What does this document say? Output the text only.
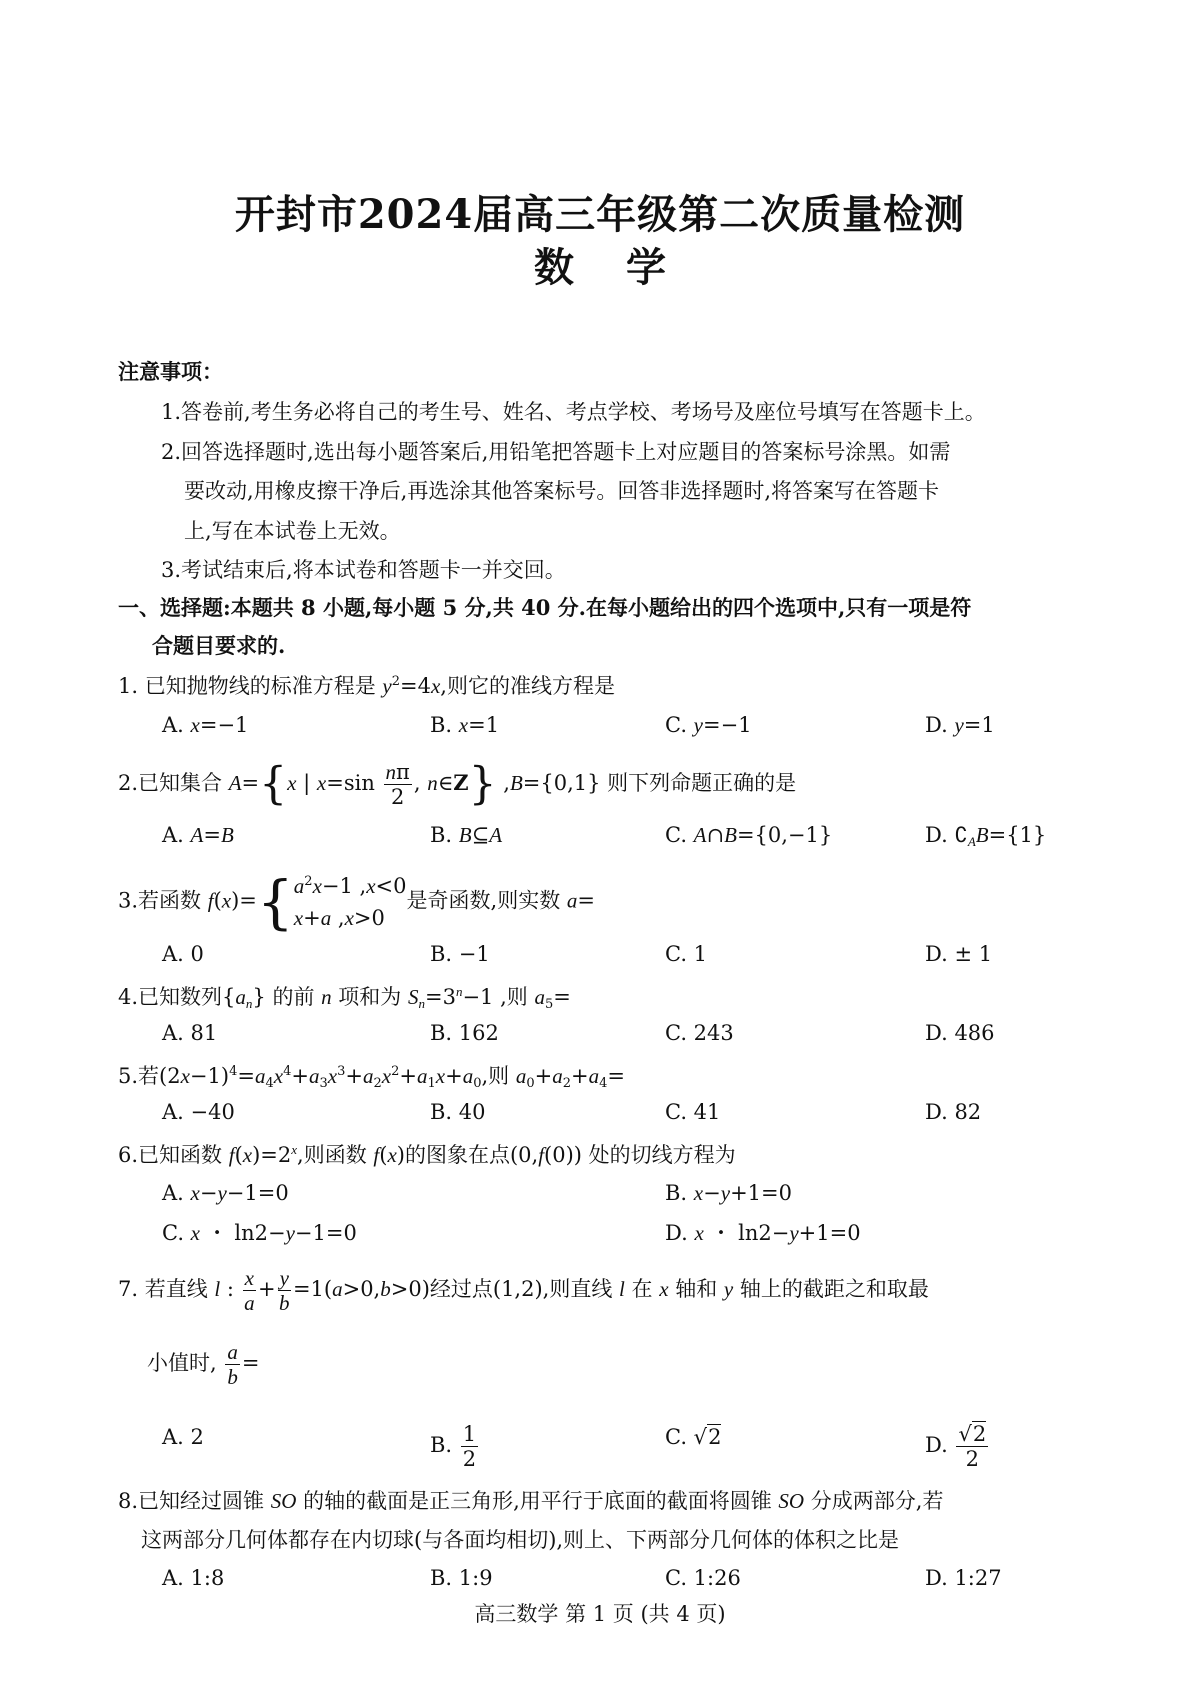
开封市2024届高三年级第二次质量检测
数 学
注意事项：
1.答卷前,考生务必将自己的考生号、姓名、考点学校、考场号及座位号填写在答题卡上。
2.回答选择题时,选出每小题答案后,用铅笔把答题卡上对应题目的答案标号涂黑。如需
要改动,用橡皮擦干净后,再选涂其他答案标号。回答非选择题时,将答案写在答题卡
上,写在本试卷上无效。
3.考试结束后,将本试卷和答题卡一并交回。
一、选择题:本题共 8 小题,每小题 5 分,共 40 分.在每小题给出的四个选项中,只有一项是符
合题目要求的.
1. 已知抛物线的标准方程是 $y^2=4x$,则它的准线方程是
A. x=−1	B. x=1	C. y=−1	D. y=1
2.已知集合 A={x | $x=\sin \frac{n\pi}{2}$ , n∈Z} ,B={0,1} 则下列命题正确的是
A. A=B	B. B⊆A	C. A∩B={0,−1}	D. $∁_AB=\{1\}$
3.若函数 f(x)={ $a^2x-1$ ,x<0
x+a ,x>0
是奇函数,则实数 a=
A. 0	B. −1	C. 1	D. ± 1
4.已知数列$\{a_n\}$ 的前 n 项和为 $S_n=3^n-1$ ,则 $a_5=$
A. 81	B. 162	C. 243	D. 486
5.若$(2x-1)^4=a_4x^4+a_3x^3+a_2x^2+a_1x+a_0$,则 $a_0+a_2+a_4=$
A. −40	B. 40	C. 41	D. 82
6.已知函数 $f(x)=2^x$,则函数 f(x)的图象在点(0,f(0)) 处的切线方程为
A. x−y−1=0	B. x−y+1=0
C. x ・ ln2−y−1=0	D. x ・ ln2−y+1=0
7. 若直线 l : $\frac{x}{a} + \frac{y}{b} =1(a>0,b>0)$经过点(1,2),则直线 l 在 x 轴和 y 轴上的截距之和取最
小值时, $\frac{a}{b}$ =
A. 2	B. $\frac{1}{2}$	C. √2	D. $\frac{√2}{2}$
8.已知经过圆锥 SO 的轴的截面是正三角形,用平行于底面的截面将圆锥 SO 分成两部分,若
这两部分几何体都存在内切球(与各面均相切),则上、下两部分几何体的体积之比是
A. 1:8	B. 1:9	C. 1:26	D. 1:27
高三数学 第 1 页 (共 4 页)
